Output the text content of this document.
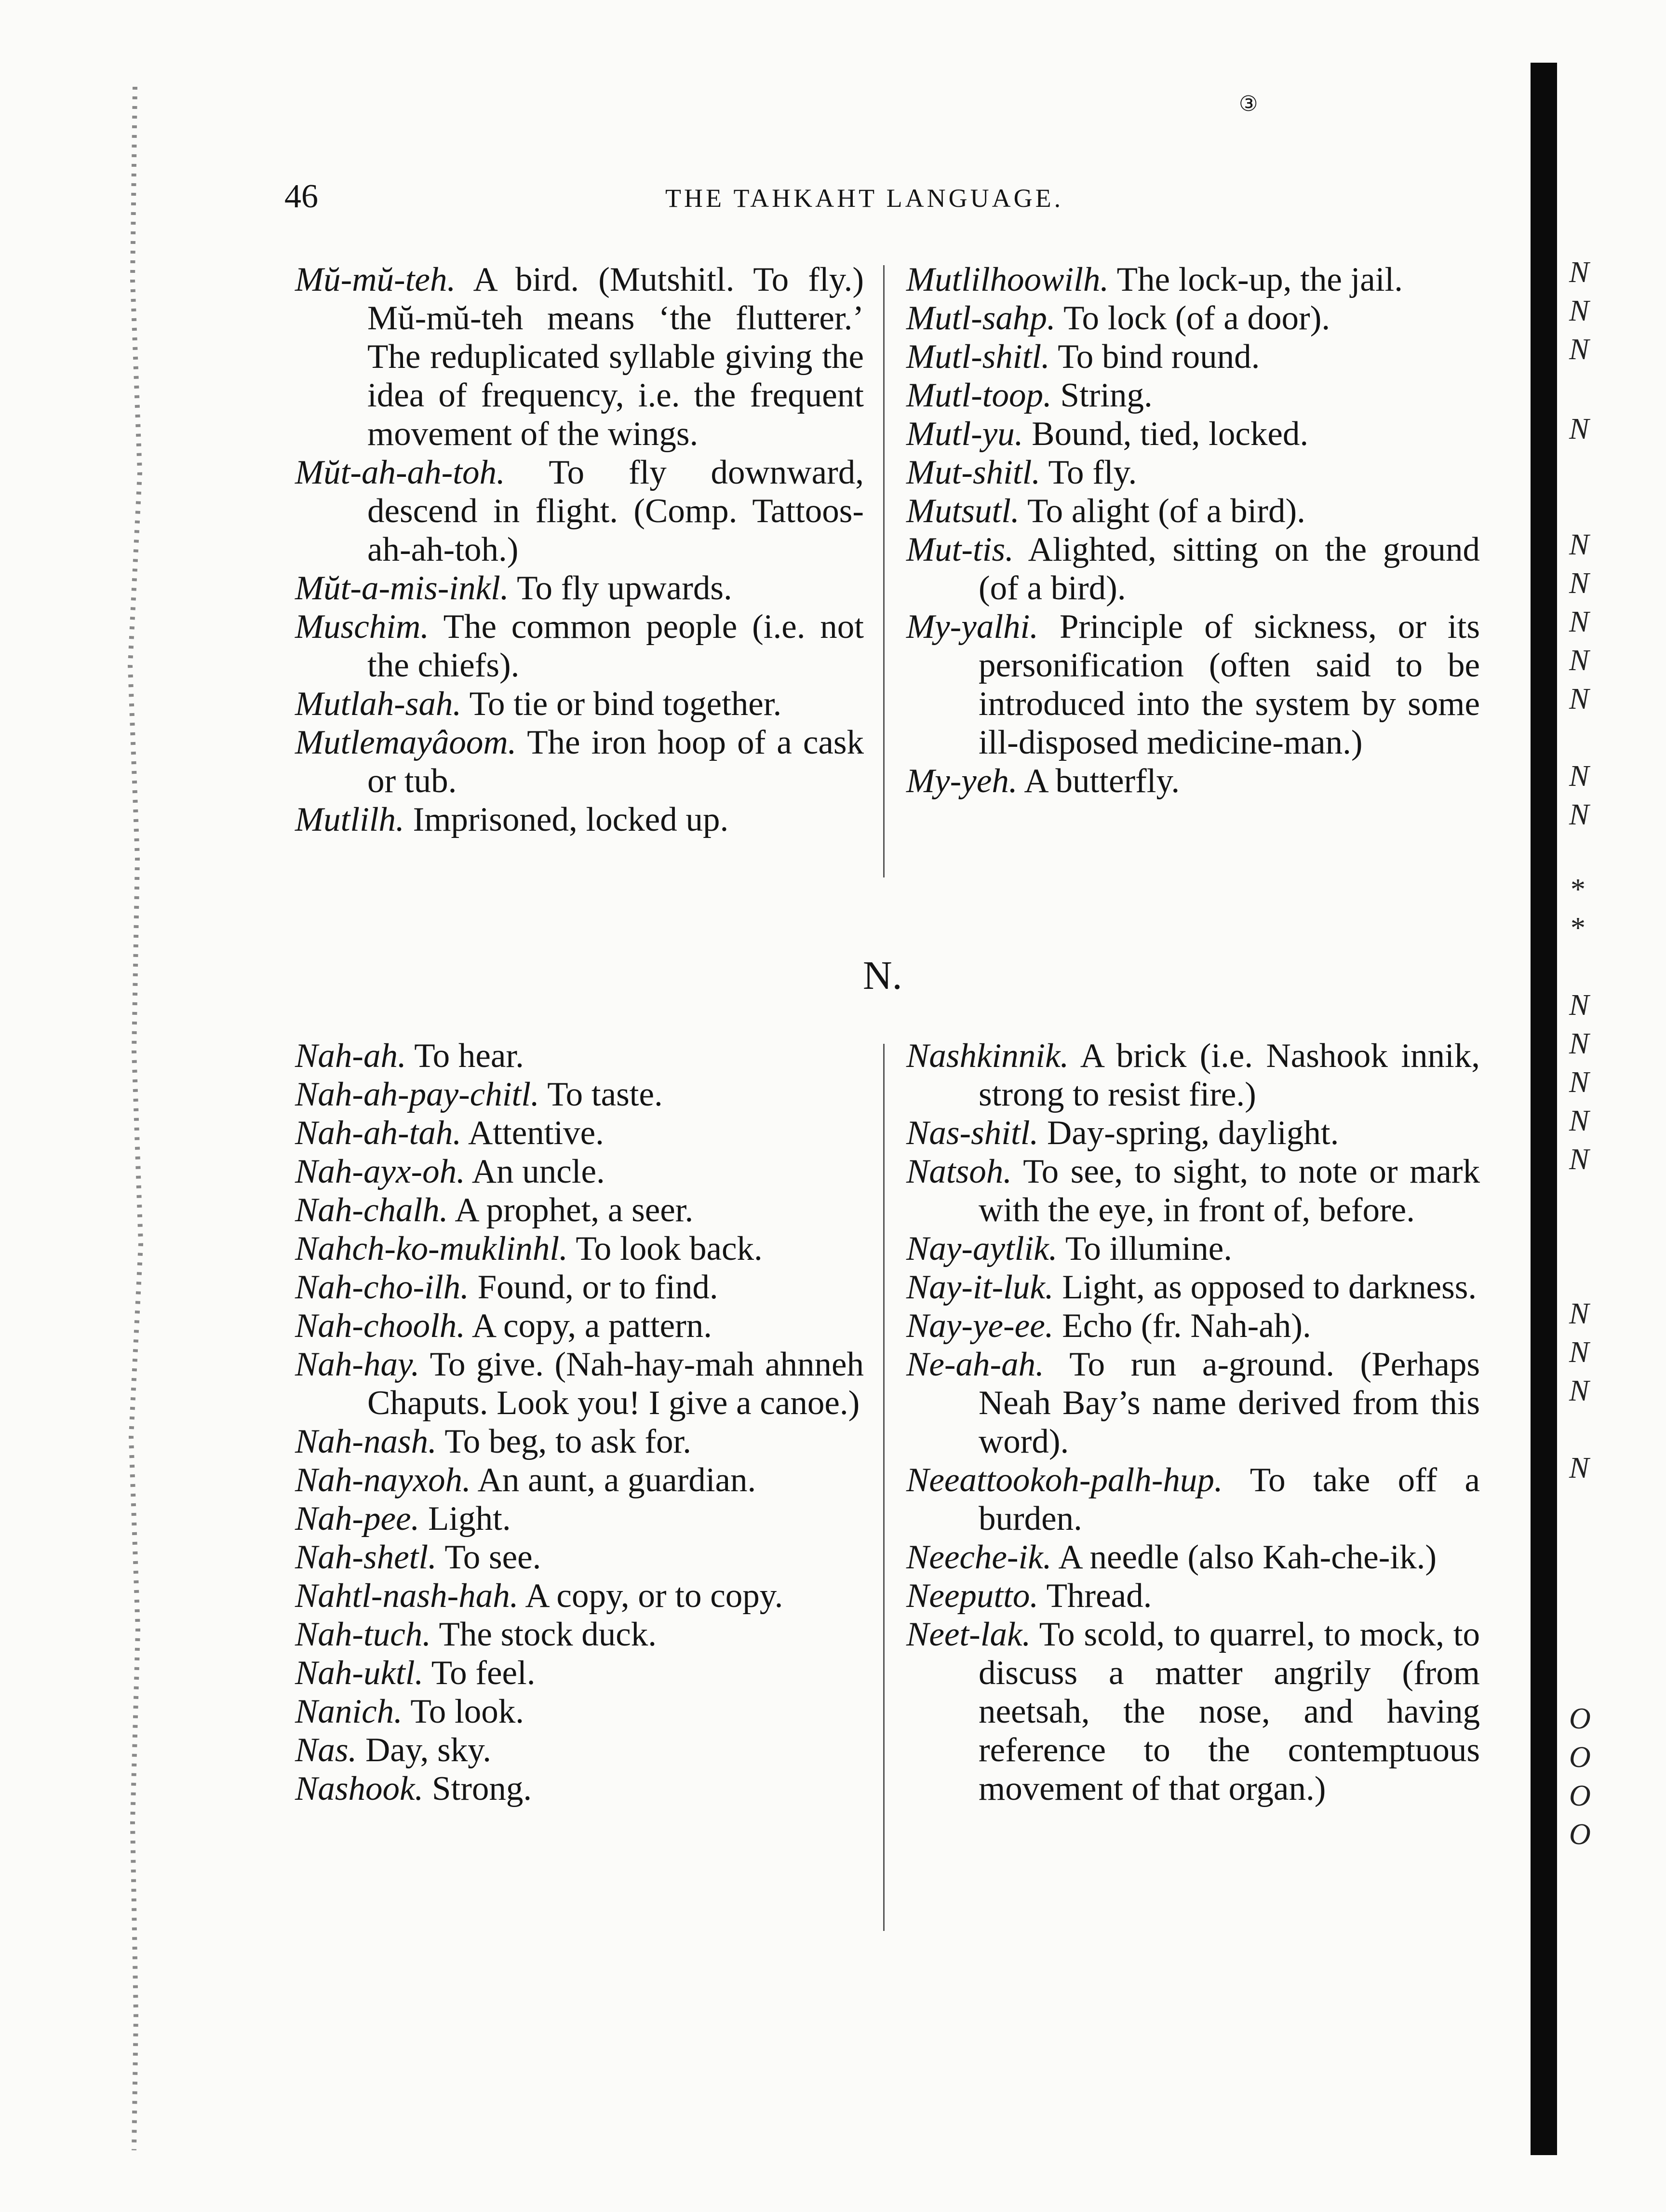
③
46	THE TAHKAHT LANGUAGE.

Mŭ-mŭ-teh. A bird. (Mutshitl. To fly.) Mŭ-mŭ-teh means ‘the flutterer.’ The reduplicated syllable giving the idea of frequency, i.e. the frequent movement of the wings.

Mŭt-ah-ah-toh. To fly downward, descend in flight. (Comp. Tattoos-ah-ah-toh.)

Mŭt-a-mis-inkl. To fly upwards.

Muschim. The common people (i.e. not the chiefs).

Mutlah-sah. To tie or bind together.

Mutlemayâoom. The iron hoop of a cask or tub.

Mutlilh. Imprisoned, locked up.

Mutlilhoowilh. The lock-up, the jail.

Mutl-sahp. To lock (of a door).

Mutl-shitl. To bind round.

Mutl-toop. String.

Mutl-yu. Bound, tied, locked.

Mut-shitl. To fly.

Mutsutl. To alight (of a bird).

Mut-tis. Alighted, sitting on the ground (of a bird).

My-yalhi. Principle of sickness, or its personification (often said to be introduced into the system by some ill-disposed medicine-man.)

My-yeh. A butterfly.

N.

Nah-ah. To hear.

Nah-ah-pay-chitl. To taste.

Nah-ah-tah. Attentive.

Nah-ayx-oh. An uncle.

Nah-chalh. A prophet, a seer.

Nahch-ko-muklinhl. To look back.

Nah-cho-ilh. Found, or to find.

Nah-choolh. A copy, a pattern.

Nah-hay. To give. (Nah-hay-mah ahnneh Chaputs. Look you! I give a canoe.)

Nah-nash. To beg, to ask for.

Nah-nayxoh. An aunt, a guardian.

Nah-pee. Light.

Nah-shetl. To see.

Nahtl-nash-hah. A copy, or to copy.

Nah-tuch. The stock duck.

Nah-uktl. To feel.

Nanich. To look.

Nas. Day, sky.

Nashook. Strong.

Nashkinnik. A brick (i.e. Nashook innik, strong to resist fire.)

Nas-shitl. Day-spring, daylight.

Natsoh. To see, to sight, to note or mark with the eye, in front of, before.

Nay-aytlik. To illumine.

Nay-it-luk. Light, as opposed to darkness.

Nay-ye-ee. Echo (fr. Nah-ah).

Ne-ah-ah. To run a-ground. (Perhaps Neah Bay’s name derived from this word).

Neeattookoh-palh-hup. To take off a burden.

Neeche-ik. A needle (also Kah-che-ik.)

Neeputto. Thread.

Neet-lak. To scold, to quarrel, to mock, to discuss a matter angrily (from neetsah, the nose, and having reference to the contemptuous movement of that organ.)

N
N
N
N
N
N
N
N
N
N
N
*
*
N
N
N
N
N
N
N
N
N
O
O
O
O
